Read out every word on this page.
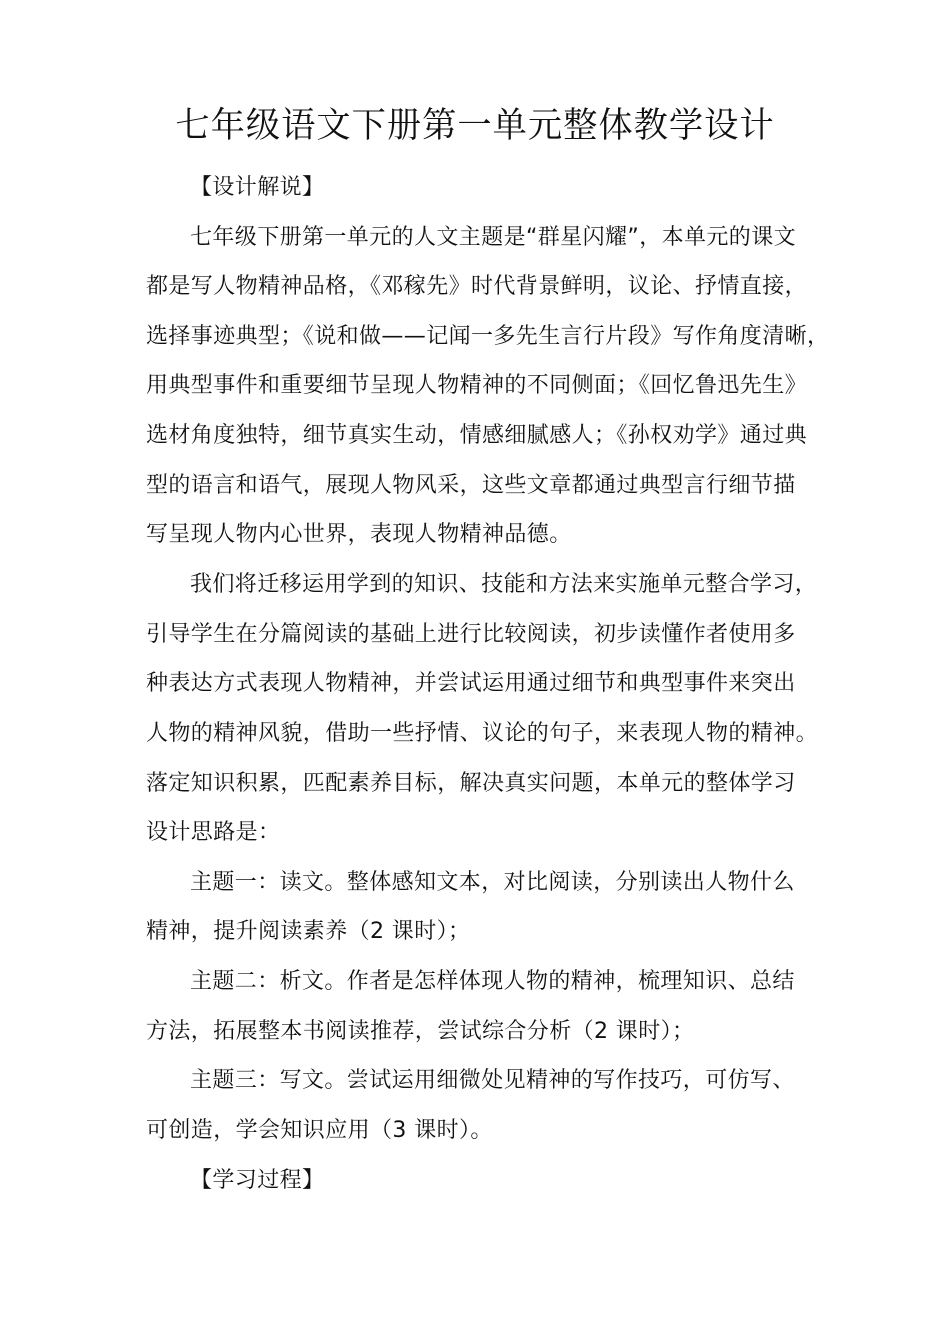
七年级语文下册第一单元整体教学设计
【设计解说】
七年级下册第一单元的人文主题是“群星闪耀”，本单元的课文
都是写人物精神品格，《邓稼先》时代背景鲜明，议论、抒情直接，
选择事迹典型；《说和做——记闻一多先生言行片段》写作角度清晰，
用典型事件和重要细节呈现人物精神的不同侧面；《回忆鲁迅先生》
选材角度独特，细节真实生动，情感细腻感人；《孙权劝学》通过典
型的语言和语气，展现人物风采，这些文章都通过典型言行细节描
写呈现人物内心世界，表现人物精神品德。
我们将迁移运用学到的知识、技能和方法来实施单元整合学习，
引导学生在分篇阅读的基础上进行比较阅读，初步读懂作者使用多
种表达方式表现人物精神，并尝试运用通过细节和典型事件来突出
人物的精神风貌，借助一些抒情、议论的句子，来表现人物的精神。
落定知识积累，匹配素养目标，解决真实问题，本单元的整体学习
设计思路是：
主题一：读文。整体感知文本，对比阅读，分别读出人物什么
精神，提升阅读素养（2 课时）；
主题二：析文。作者是怎样体现人物的精神，梳理知识、总结
方法，拓展整本书阅读推荐，尝试综合分析（2 课时）；
主题三：写文。尝试运用细微处见精神的写作技巧，可仿写、
可创造，学会知识应用（3 课时）。
【学习过程】
